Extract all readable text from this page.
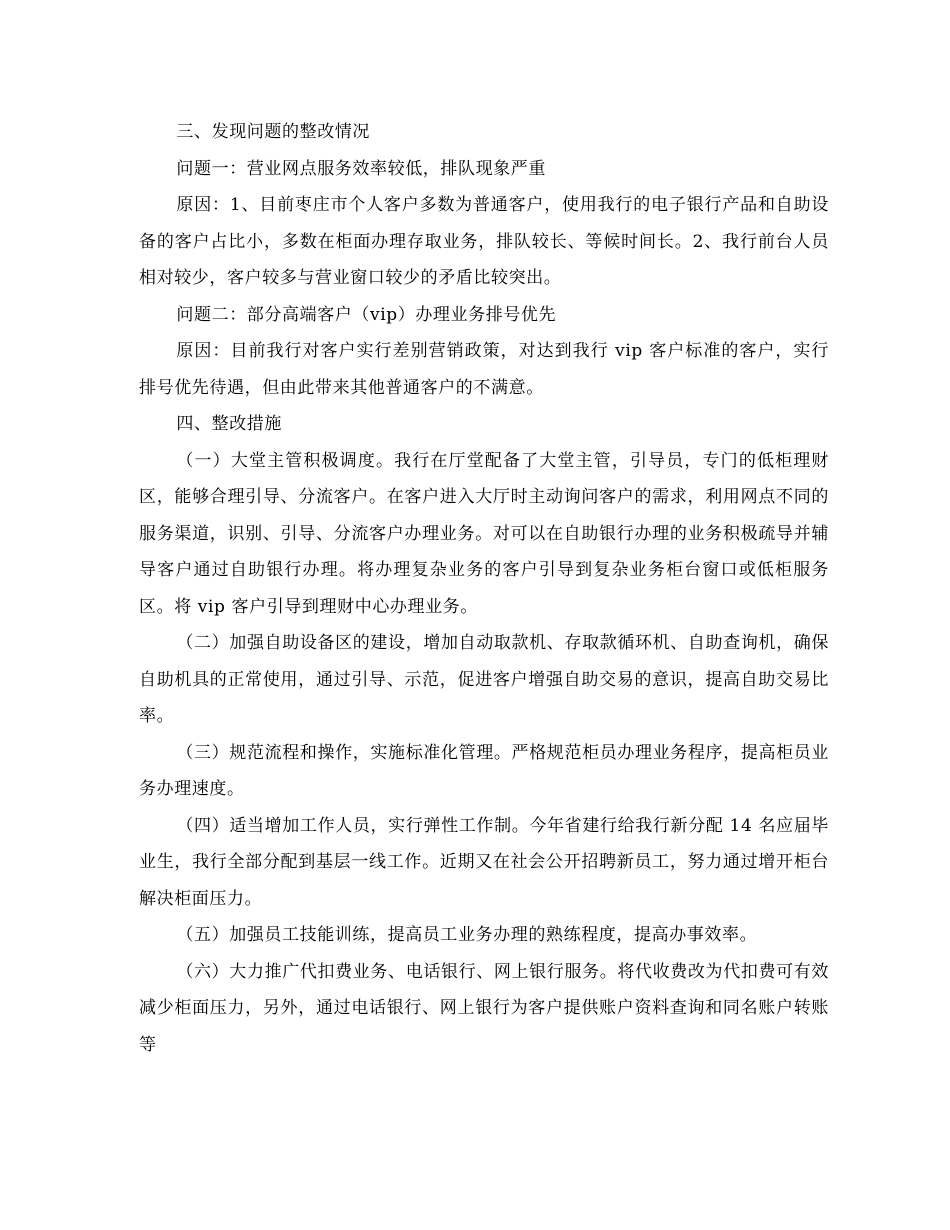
三、发现问题的整改情况

问题一：营业网点服务效率较低，排队现象严重

原因：1、目前枣庄市个人客户多数为普通客户，使用我行的电子银行产品和自助设备的客户占比小，多数在柜面办理存取业务，排队较长、等候时间长。2、我行前台人员相对较少，客户较多与营业窗口较少的矛盾比较突出。

问题二：部分高端客户（vip）办理业务排号优先

原因：目前我行对客户实行差别营销政策，对达到我行 vip 客户标准的客户，实行排号优先待遇，但由此带来其他普通客户的不满意。

四、整改措施

（一）大堂主管积极调度。我行在厅堂配备了大堂主管，引导员，专门的低柜理财区，能够合理引导、分流客户。在客户进入大厅时主动询问客户的需求，利用网点不同的服务渠道，识别、引导、分流客户办理业务。对可以在自助银行办理的业务积极疏导并辅导客户通过自助银行办理。将办理复杂业务的客户引导到复杂业务柜台窗口或低柜服务区。将 vip 客户引导到理财中心办理业务。

（二）加强自助设备区的建设，增加自动取款机、存取款循环机、自助查询机，确保自助机具的正常使用，通过引导、示范，促进客户增强自助交易的意识，提高自助交易比率。

（三）规范流程和操作，实施标准化管理。严格规范柜员办理业务程序，提高柜员业务办理速度。

（四）适当增加工作人员，实行弹性工作制。今年省建行给我行新分配 14 名应届毕业生，我行全部分配到基层一线工作。近期又在社会公开招聘新员工，努力通过增开柜台解决柜面压力。

（五）加强员工技能训练，提高员工业务办理的熟练程度，提高办事效率。

（六）大力推广代扣费业务、电话银行、网上银行服务。将代收费改为代扣费可有效减少柜面压力，另外，通过电话银行、网上银行为客户提供账户资料查询和同名账户转账等
